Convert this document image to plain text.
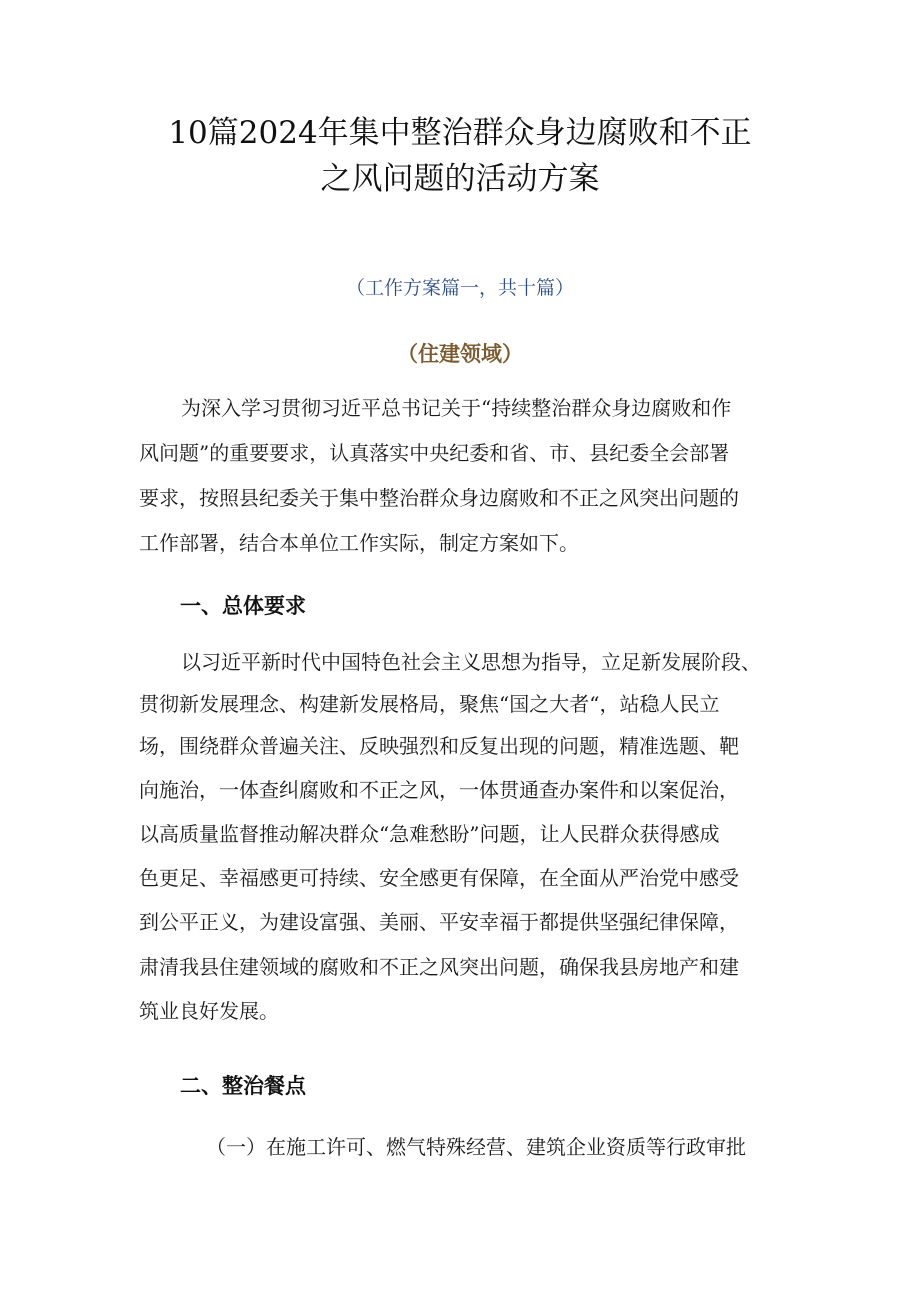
10篇2024年集中整治群众身边腐败和不正
之风问题的活动方案
（工作方案篇一，共十篇）
（住建领域）
为深入学习贯彻习近平总书记关于“持续整治群众身边腐败和作
风问题”的重要要求，认真落实中央纪委和省、市、县纪委全会部署
要求，按照县纪委关于集中整治群众身边腐败和不正之风突出问题的
工作部署，结合本单位工作实际，制定方案如下。
一、总体要求
以习近平新时代中国特色社会主义思想为指导，立足新发展阶段、
贯彻新发展理念、构建新发展格局，聚焦“国之大者“，站稳人民立
场，围绕群众普遍关注、反映强烈和反复出现的问题，精准选题、靶
向施治，一体查纠腐败和不正之风，一体贯通查办案件和以案促治，
以高质量监督推动解决群众“急难愁盼”问题，让人民群众获得感成
色更足、幸福感更可持续、安全感更有保障，在全面从严治党中感受
到公平正义，为建设富强、美丽、平安幸福于都提供坚强纪律保障，
肃清我县住建领域的腐败和不正之风突出问题，确保我县房地产和建
筑业良好发展。
二、整治餐点
（一）在施工许可、燃气特殊经营、建筑企业资质等行政审批
